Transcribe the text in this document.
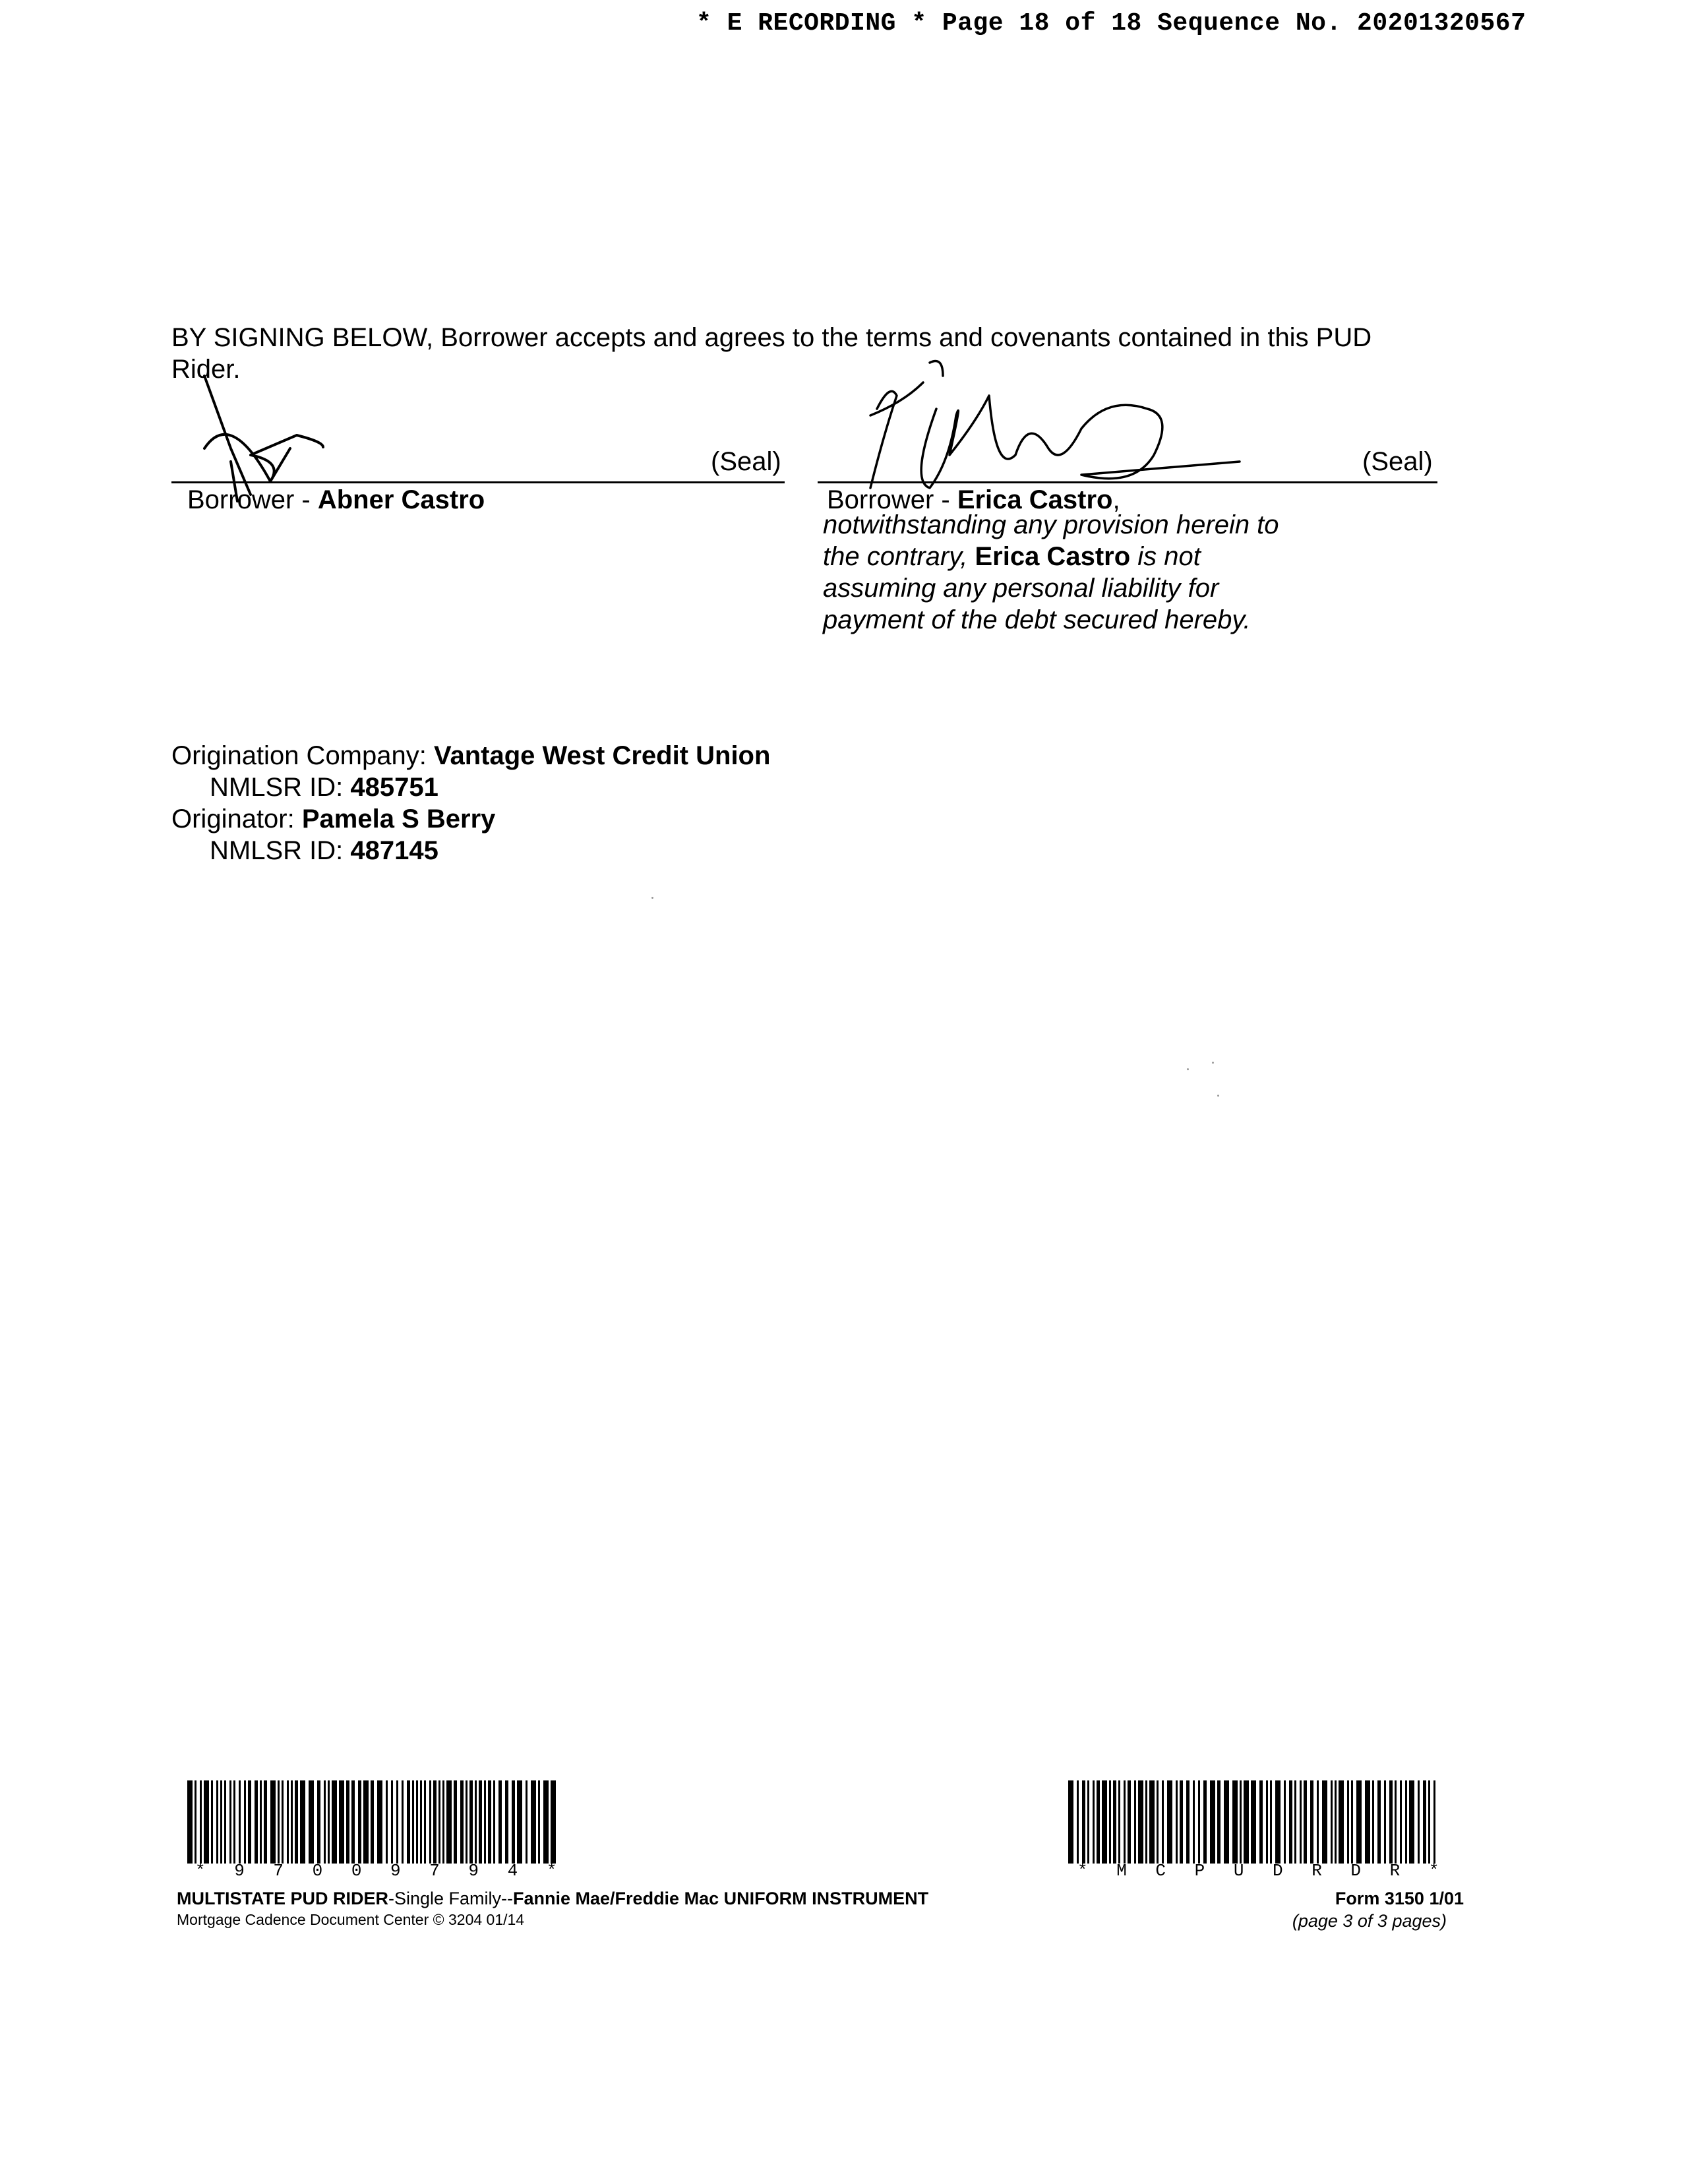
* E RECORDING * Page 18 of 18 Sequence No. 20201320567
BY SIGNING BELOW, Borrower accepts and agrees to the terms and covenants contained in this PUD Rider.
(Seal)
Borrower - Abner Castro
(Seal)
Borrower - Erica Castro,
notwithstanding any provision herein to the contrary, Erica Castro is not assuming any personal liability for payment of the debt secured hereby.
Origination Company: Vantage West Credit Union
NMLSR ID: 485751
Originator: Pamela S Berry
NMLSR ID: 487145
* 9 7 0 0 9 7 9 4 *	* M C P U D R D R *
MULTISTATE PUD RIDER-Single Family--Fannie Mae/Freddie Mac UNIFORM INSTRUMENT
Mortgage Cadence Document Center © 3204 01/14
Form 3150 1/01
(page 3 of 3 pages)
